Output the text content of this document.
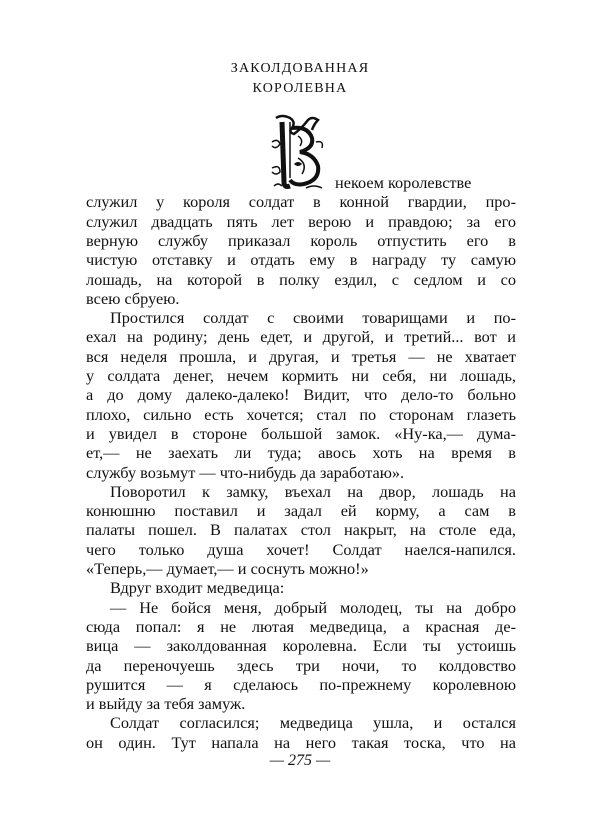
ЗАКОЛДОВАННАЯ
КОРОЛЕВНА
некоем королевстве
служил у короля солдат в конной гвардии, про-
служил двадцать пять лет верою и правдою; за его
верную службу приказал король отпустить его в
чистую отставку и отдать ему в награду ту самую
лошадь, на которой в полку ездил, с седлом и со
всею сбруею.
Простился солдат с своими товарищами и по-
ехал на родину; день едет, и другой, и третий... вот и
вся неделя прошла, и другая, и третья — не хватает
у солдата денег, нечем кормить ни себя, ни лошадь,
а до дому далеко-далеко! Видит, что дело-то больно
плохо, сильно есть хочется; стал по сторонам глазеть
и увидел в стороне большой замок. «Ну-ка,— дума-
ет,— не заехать ли туда; авось хоть на время в
службу возьмут — что-нибудь да заработаю».
Поворотил к замку, въехал на двор, лошадь на
конюшню поставил и задал ей корму, а сам в
палаты пошел. В палатах стол накрыт, на столе еда,
чего только душа хочет! Солдат наелся-напился.
«Теперь,— думает,— и соснуть можно!»
Вдруг входит медведица:
— Не бойся меня, добрый молодец, ты на добро
сюда попал: я не лютая медведица, а красная де-
вица — заколдованная королевна. Если ты устоишь
да переночуешь здесь три ночи, то колдовство
рушится — я сделаюсь по-прежнему королевною
и выйду за тебя замуж.
Солдат согласился; медведица ушла, и остался
он один. Тут напала на него такая тоска, что на
— 275 —
